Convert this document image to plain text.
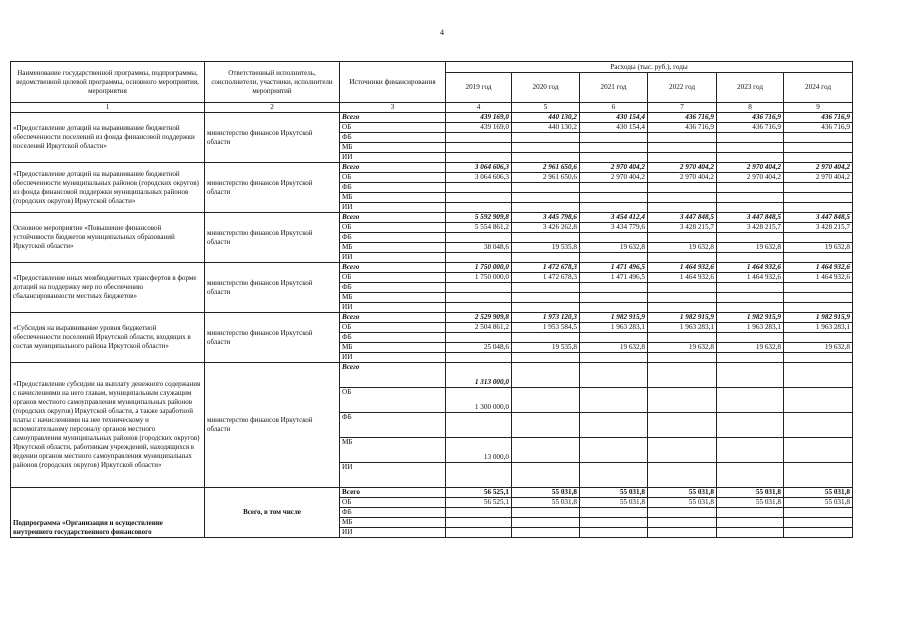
4
Наименование государственной программы, подпрограммы, ведомственной целевой программы, основного мероприятия, мероприятия	Ответственный исполнитель, соисполнители, участники, исполнители мероприятий	Источники финансирования	Расходы (тыс. руб.), годы					
			2019 год	2020 год	2021 год	2022 год	2023 год	2024 год
1	2	3	4	5	6	7	8	9
«Предоставление дотаций на выравнивание бюджетной обеспеченности поселений из фонда финансовой поддержки поселений Иркутской области»	министерство финансов Иркутской области	Всего	439 169,0	440 130,2	430 154,4	436 716,9	436 716,9	436 716,9
		ОБ	439 169,0	440 130,2	430 154,4	436 716,9	436 716,9	436 716,9
		ФБ						
		МБ						
		ИИ						
«Предоставление дотаций на выравнивание бюджетной обеспеченности муниципальных районов (городских округов) из фонда финансовой поддержки муниципальных районов (городских округов) Иркутской области»	министерство финансов Иркутской области	Всего	3 064 606,3	2 961 650,6	2 970 404,2	2 970 404,2	2 970 404,2	2 970 404,2
		ОБ	3 064 606,3	2 961 650,6	2 970 404,2	2 970 404,2	2 970 404,2	2 970 404,2
		ФБ						
		МБ						
		ИИ						
Основное мероприятие «Повышение финансовой устойчивости бюджетов муниципальных образований Иркутской области»	министерство финансов Иркутской области	Всего	5 592 909,8	3 445 798,6	3 454 412,4	3 447 848,5	3 447 848,5	3 447 848,5
		ОБ	5 554 861,2	3 426 262,8	3 434 779,6	3 428 215,7	3 428 215,7	3 428 215,7
		ФБ						
		МБ	38 048,6	19 535,8	19 632,8	19 632,8	19 632,8	19 632,8
		ИИ						
«Предоставление иных межбюджетных трансфертов в форме дотаций на поддержку мер по обеспечению сбалансированности местных бюджетов»	министерство финансов Иркутской области	Всего	1 750 000,0	1 472 678,3	1 471 496,5	1 464 932,6	1 464 932,6	1 464 932,6
		ОБ	1 750 000,0	1 472 678,3	1 471 496,5	1 464 932,6	1 464 932,6	1 464 932,6
		ФБ						
		МБ						
		ИИ						
«Субсидия на выравнивание уровня бюджетной обеспеченности поселений Иркутской области, входящих в состав муниципального района Иркутской области»	министерство финансов Иркутской области	Всего	2 529 909,8	1 973 120,3	1 982 915,9	1 982 915,9	1 982 915,9	1 982 915,9
		ОБ	2 504 861,2	1 953 584,5	1 963 283,1	1 963 283,1	1 963 283,1	1 963 283,1
		ФБ						
		МБ	25 048,6	19 535,8	19 632,8	19 632,8	19 632,8	19 632,8
		ИИ						
«Предоставление субсидии на выплату денежного содержания с начислениями на него главам, муниципальным служащим органов местного самоуправления муниципальных районов (городских округов) Иркутской области, а также заработной платы с начислениями на нее техническому и вспомогательному персоналу органов местного самоуправления муниципальных районов (городских округов) Иркутской области, работникам учреждений, находящихся в ведении органов местного самоуправления муниципальных районов (городских округов) Иркутской области»	министерство финансов Иркутской области	Всего	1 313 000,0					
		ОБ	1 300 000,0					
		ФБ						
		МБ	13 000,0					
		ИИ						
Подпрограмма «Организация и осуществление внутреннего государственного финансового	Всего, в том числе	Всего	56 525,1	55 031,8	55 031,8	55 031,8	55 031,8	55 031,8
		ОБ	56 525,1	55 031,8	55 031,8	55 031,8	55 031,8	55 031,8
		ФБ						
		МБ						
		ИИ						
